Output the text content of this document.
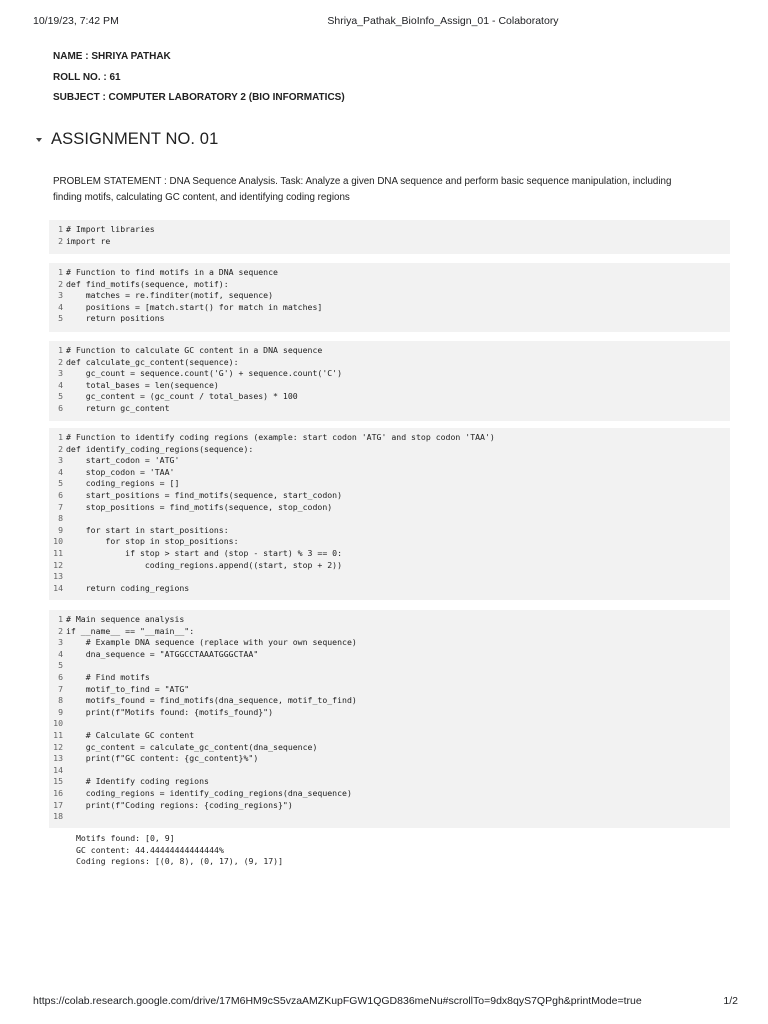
10/19/23, 7:42 PM	Shriya_Pathak_BioInfo_Assign_01 - Colaboratory
NAME : SHRIYA PATHAK
ROLL NO. : 61
SUBJECT : COMPUTER LABORATORY 2 (BIO INFORMATICS)
ASSIGNMENT NO. 01
PROBLEM STATEMENT : DNA Sequence Analysis. Task: Analyze a given DNA sequence and perform basic sequence manipulation, including finding motifs, calculating GC content, and identifying coding regions
1 # Import libraries
2 import re
1 # Function to find motifs in a DNA sequence
2 def find_motifs(sequence, motif):
3 matches = re.finditer(motif, sequence)
4 positions = [match.start() for match in matches]
5 return positions
1 # Function to calculate GC content in a DNA sequence
2 def calculate_gc_content(sequence):
3 gc_count = sequence.count('G') + sequence.count('C')
4 total_bases = len(sequence)
5 gc_content = (gc_count / total_bases) * 100
6 return gc_content
1 # Function to identify coding regions (example: start codon 'ATG' and stop codon 'TAA')
2 def identify_coding_regions(sequence):
3 start_codon = 'ATG'
4 stop_codon = 'TAA'
5 coding_regions = []
6 start_positions = find_motifs(sequence, start_codon)
7 stop_positions = find_motifs(sequence, stop_codon)
8
9 for start in start_positions:
10 for stop in stop_positions:
11 if stop > start and (stop - start) % 3 == 0:
12 coding_regions.append((start, stop + 2))
13
14 return coding_regions
1 # Main sequence analysis
2 if __name__ == "__main__":
3 # Example DNA sequence (replace with your own sequence)
4 dna_sequence = "ATGGCCTAAATGGGCTAA"
5
6 # Find motifs
7 motif_to_find = "ATG"
8 motifs_found = find_motifs(dna_sequence, motif_to_find)
9 print(f"Motifs found: {motifs_found}")
10
11 # Calculate GC content
12 gc_content = calculate_gc_content(dna_sequence)
13 print(f"GC content: {gc_content}%")
14
15 # Identify coding regions
16 coding_regions = identify_coding_regions(dna_sequence)
17 print(f"Coding regions: {coding_regions}")
18
Motifs found: [0, 9]
GC content: 44.44444444444444%
Coding regions: [(0, 8), (0, 17), (9, 17)]
https://colab.research.google.com/drive/17M6HM9cS5vzaAMZKupFGW1QGD836meNu#scrollTo=9dx8qyS7QPgh&printMode=true	1/2
